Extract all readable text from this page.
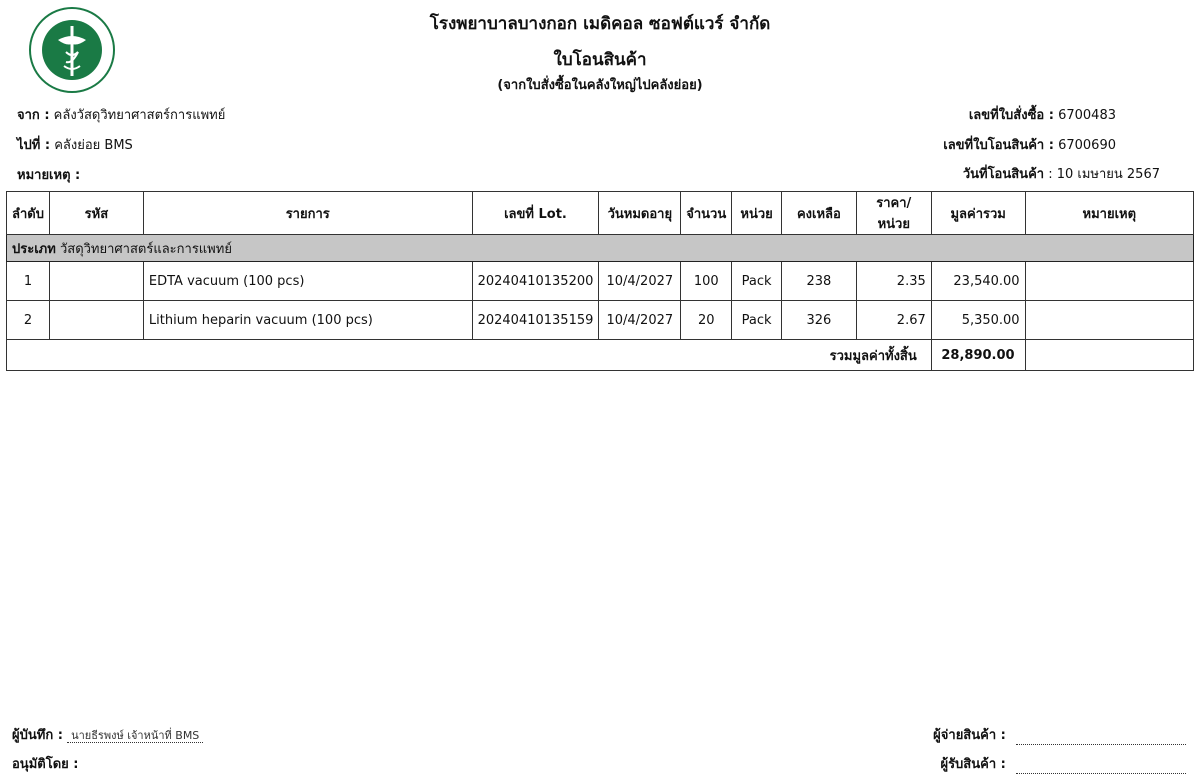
โรงพยาบาลบางกอก เมดิคอล ซอฟต์แวร์ จำกัด
ใบโอนสินค้า
(จากใบสั่งซื้อในคลังใหญ่ไปคลังย่อย)
จาก : คลังวัสดุวิทยาศาสตร์การแพทย์
ไปที่ : คลังย่อย BMS
หมายเหตุ :
เลขที่ใบสั่งซื้อ : 6700483
เลขที่ใบโอนสินค้า : 6700690
วันที่โอนสินค้า : 10 เมษายน 2567
ลำดับ	รหัส	รายการ	เลขที่ Lot.	วันหมดอายุ	จำนวน	หน่วย	คงเหลือ	ราคา/หน่วย	มูลค่ารวม	หมายเหตุ
ประเภท วัสดุวิทยาศาสตร์และการแพทย์										
1		EDTA vacuum (100 pcs)	20240410135200	10/4/2027	100	Pack	238	2.35	23,540.00	
2		Lithium heparin vacuum (100 pcs)	20240410135159	10/4/2027	20	Pack	326	2.67	5,350.00	
รวมมูลค่าทั้งสิ้น									28,890.00	
ผู้บันทึก : นายธีรพงษ์ เจ้าหน้าที่ BMS
อนุมัติโดย :
ผู้จ่ายสินค้า :
ผู้รับสินค้า :
